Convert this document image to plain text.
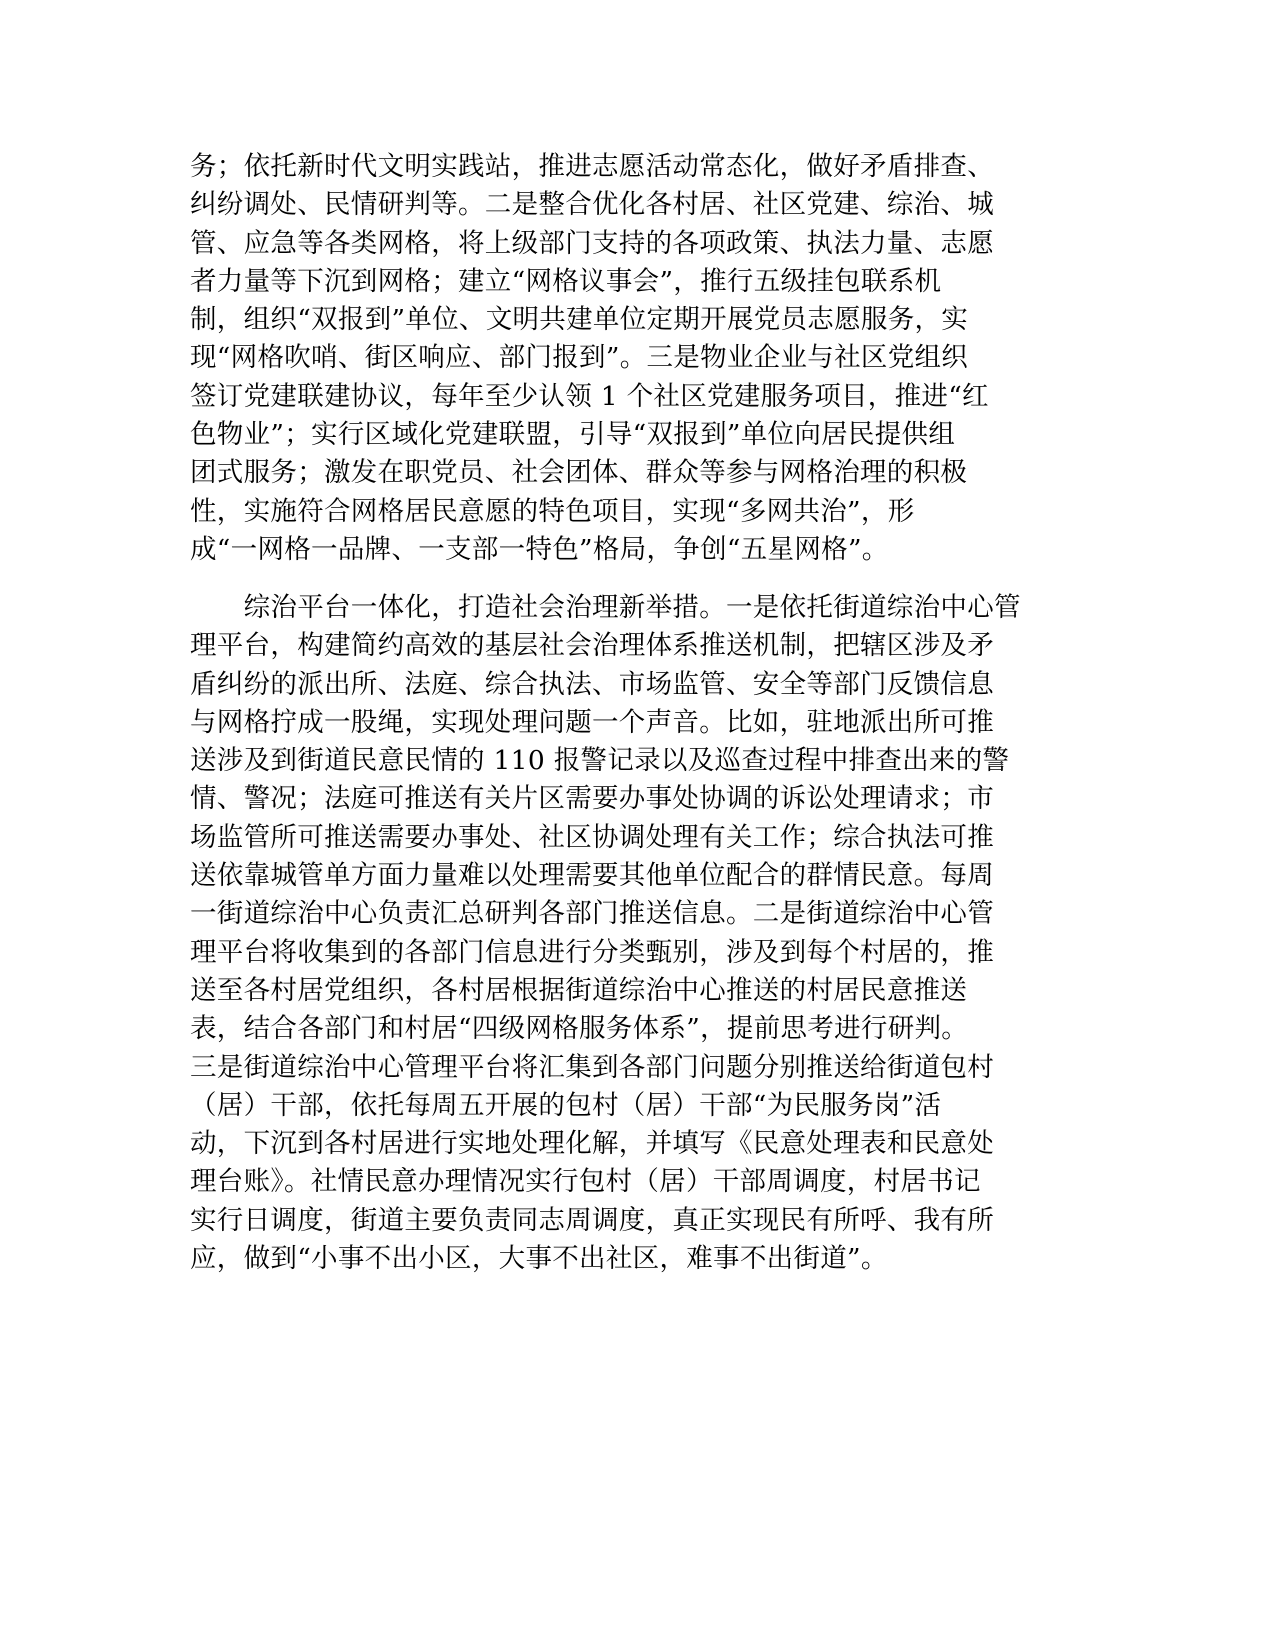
务；依托新时代文明实践站，推进志愿活动常态化，做好矛盾排查、
纠纷调处、民情研判等。二是整合优化各村居、社区党建、综治、城
管、应急等各类网格，将上级部门支持的各项政策、执法力量、志愿
者力量等下沉到网格；建立“网格议事会”，推行五级挂包联系机
制，组织“双报到”单位、文明共建单位定期开展党员志愿服务，实
现“网格吹哨、街区响应、部门报到”。三是物业企业与社区党组织
签订党建联建协议，每年至少认领 1 个社区党建服务项目，推进“红
色物业”；实行区域化党建联盟，引导“双报到”单位向居民提供组
团式服务；激发在职党员、社会团体、群众等参与网格治理的积极
性，实施符合网格居民意愿的特色项目，实现“多网共治”，形
成“一网格一品牌、一支部一特色”格局，争创“五星网格”。
　　综治平台一体化，打造社会治理新举措。一是依托街道综治中心管
理平台，构建简约高效的基层社会治理体系推送机制，把辖区涉及矛
盾纠纷的派出所、法庭、综合执法、市场监管、安全等部门反馈信息
与网格拧成一股绳，实现处理问题一个声音。比如，驻地派出所可推
送涉及到街道民意民情的 110 报警记录以及巡查过程中排查出来的警
情、警况；法庭可推送有关片区需要办事处协调的诉讼处理请求；市
场监管所可推送需要办事处、社区协调处理有关工作；综合执法可推
送依靠城管单方面力量难以处理需要其他单位配合的群情民意。每周
一街道综治中心负责汇总研判各部门推送信息。二是街道综治中心管
理平台将收集到的各部门信息进行分类甄别，涉及到每个村居的，推
送至各村居党组织，各村居根据街道综治中心推送的村居民意推送
表，结合各部门和村居“四级网格服务体系”，提前思考进行研判。
三是街道综治中心管理平台将汇集到各部门问题分别推送给街道包村
（居）干部，依托每周五开展的包村（居）干部“为民服务岗”活
动，下沉到各村居进行实地处理化解，并填写《民意处理表和民意处
理台账》。社情民意办理情况实行包村（居）干部周调度，村居书记
实行日调度，街道主要负责同志周调度，真正实现民有所呼、我有所
应，做到“小事不出小区，大事不出社区，难事不出街道”。
